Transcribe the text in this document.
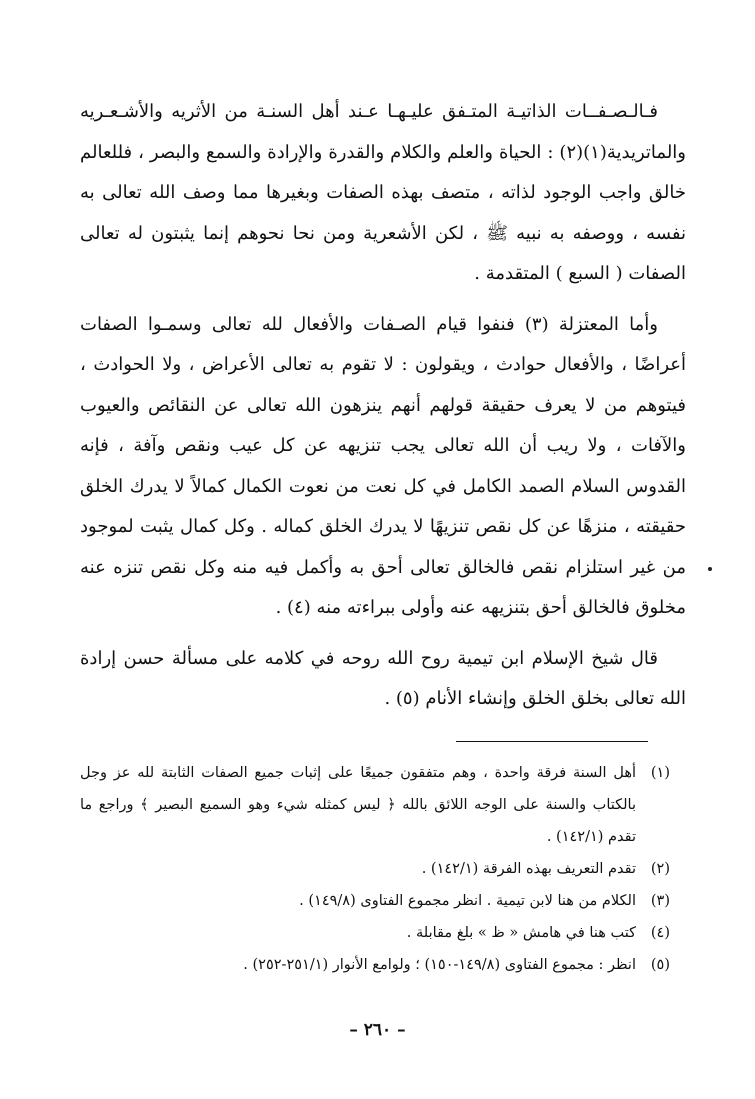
فـالـصـفــات الذاتيـة المتـفق عليـهـا عـند أهل السنـة من الأثريه والأشـعـريه والماتريدية(١)(٢) : الحياة والعلم والكلام والقدرة والإرادة والسمع والبصر ، فللعالم خالق واجب الوجود لذاته ، متصف بهذه الصفات وبغيرها مما وصف الله تعالى به نفسه ، ووصفه به نبيه ﷺ ، لكن الأشعرية ومن نحا نحوهم إنما يثبتون له تعالى الصفات ( السبع ) المتقدمة .

وأما المعتزلة (٣) فنفوا قيام الصـفات والأفعال لله تعالى وسمـوا الصفات أعراضًا ، والأفعال حوادث ، ويقولون : لا تقوم به تعالى الأعراض ، ولا الحوادث ، فيتوهم من لا يعرف حقيقة قولهم أنهم ينزهون الله تعالى عن النقائص والعيوب والآفات ، ولا ريب أن الله تعالى يجب تنزيهه عن كل عيب ونقص وآفة ، فإنه القدوس السلام الصمد الكامل في كل نعت من نعوت الكمال كمالاً لا يدرك الخلق حقيقته ، منزهًا عن كل نقص تنزيهًا لا يدرك الخلق كماله . وكل كمال يثبت لموجود من غير استلزام نقص فالخالق تعالى أحق به وأكمل فيه منه وكل نقص تنزه عنه مخلوق فالخالق أحق بتنزيهه عنه وأولى ببراءته منه (٤) .

قال شيخ الإسلام ابن تيمية روح الله روحه في كلامه على مسألة حسن إرادة الله تعالى بخلق الخلق وإنشاء الأنام (٥) .

(١)
أهل السنة فرقة واحدة ، وهم متفقون جميعًا على إثبات جميع الصفات الثابتة لله عز وجل بالكتاب والسنة على الوجه اللائق بالله ﴿ ليس كمثله شيء وهو السميع البصير ﴾ وراجع ما تقدم (١٤٢/١) .
(٢)
تقدم التعريف بهذه الفرقة (١٤٢/١) .
(٣)
الكلام من هنا لابن تيمية . انظر مجموع الفتاوى (١٤٩/٨) .
(٤)
كتب هنا في هامش « ظ » بلغ مقابلة .
(٥)
انظر : مجموع الفتاوى (١٤٩/٨-١٥٠) ؛ ولوامع الأنوار (٢٥١/١-٢٥٢) .
– ٢٦٠ –
